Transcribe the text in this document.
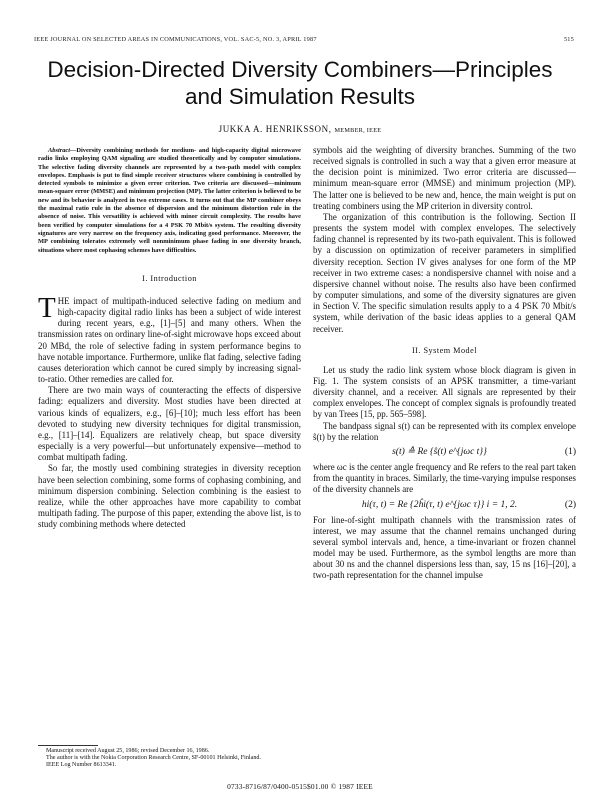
IEEE JOURNAL ON SELECTED AREAS IN COMMUNICATIONS, VOL. SAC-5, NO. 3, APRIL 1987	515
Decision-Directed Diversity Combiners—Principles
and Simulation Results
JUKKA A. HENRIKSSON, MEMBER, IEEE

Abstract—Diversity combining methods for medium- and high-capacity digital microwave radio links employing QAM signaling are studied theoretically and by computer simulations. The selective fading diversity channels are represented by a two-path model with complex envelopes. Emphasis is put to find simple receiver structures where combining is controlled by detected symbols to minimize a given error criterion. Two criteria are discussed—minimum mean-square error (MMSE) and minimum projection (MP). The latter criterion is believed to be new and its behavior is analyzed in two extreme cases. It turns out that the MP combiner obeys the maximal ratio rule in the absence of dispersion and the minimum distortion rule in the absence of noise. This versatility is achieved with minor circuit complexity. The results have been verified by computer simulations for a 4 PSK 70 Mbit/s system. The resulting diversity signatures are very narrow on the frequency axis, indicating good performance. Moreover, the MP combining tolerates extremely well nonminimum phase fading in one diversity branch, situations where most cophasing schemes have difficulties.

I. Introduction

THE impact of multipath-induced selective fading on medium and high-capacity digital radio links has been a subject of wide interest during recent years, e.g., [1]–[5] and many others. When the transmission rates on ordinary line-of-sight microwave hops exceed about 20 MBd, the role of selective fading in system performance begins to have notable importance. Furthermore, unlike flat fading, selective fading causes deterioration which cannot be cured simply by increasing signal-to-ratio. Other remedies are called for.

There are two main ways of counteracting the effects of dispersive fading: equalizers and diversity. Most studies have been directed at various kinds of equalizers, e.g., [6]–[10]; much less effort has been devoted to studying new diversity techniques for digital transmission, e.g., [11]–[14]. Equalizers are relatively cheap, but space diversity especially is a very powerful—but unfortunately expensive—method to combat multipath fading.

So far, the mostly used combining strategies in diversity reception have been selection combining, some forms of cophasing combining, and minimum dispersion combining. Selection combining is the easiest to realize, while the other approaches have more capability to combat multipath fading. The purpose of this paper, extending the above list, is to study combining methods where detected

symbols aid the weighting of diversity branches. Summing of the two received signals is controlled in such a way that a given error measure at the decision point is minimized. Two error criteria are discussed—minimum mean-square error (MMSE) and minimum projection (MP). The latter one is believed to be new and, hence, the main weight is put on treating combiners using the MP criterion in diversity control.

The organization of this contribution is the following. Section II presents the system model with complex envelopes. The selectively fading channel is represented by its two-path equivalent. This is followed by a discussion on optimization of receiver parameters in simplified diversity reception. Section IV gives analyses for one form of the MP receiver in two extreme cases: a nondispersive channel with noise and a dispersive channel without noise. The results also have been confirmed by computer simulations, and some of the diversity signatures are given in Section V. The specific simulation results apply to a 4 PSK 70 Mbit/s system, while derivation of the basic ideas applies to a general QAM receiver.

II. System Model

Let us study the radio link system whose block diagram is given in Fig. 1. The system consists of an APSK transmitter, a time-variant diversity channel, and a receiver. All signals are represented by their complex envelopes. The concept of complex signals is profoundly treated by van Trees [15, pp. 565–598].

The bandpass signal s(t) can be represented with its complex envelope ŝ(t) by the relation

s(t) ≙ Re {ŝ(t) e^{jωc t}}	(1)

where ωc is the center angle frequency and Re refers to the real part taken from the quantity in braces. Similarly, the time-varying impulse responses of the diversity channels are

hi(τ, t) = Re {2ĥi(τ, t) e^{jωc τ}} i = 1, 2.	(2)

For line-of-sight multipath channels with the transmission rates of interest, we may assume that the channel remains unchanged during several symbol intervals and, hence, a time-invariant or frozen channel model may be used. Furthermore, as the symbol lengths are more than about 30 ns and the channel dispersions less than, say, 15 ns [16]–[20], a two-path representation for the channel impulse

Manuscript received August 25, 1986; revised December 16, 1986.

The author is with the Nokia Corporation Research Centre, SF-00101 Helsinki, Finland.

IEEE Log Number 8613341.

0733-8716/87/0400-0515$01.00 © 1987 IEEE
